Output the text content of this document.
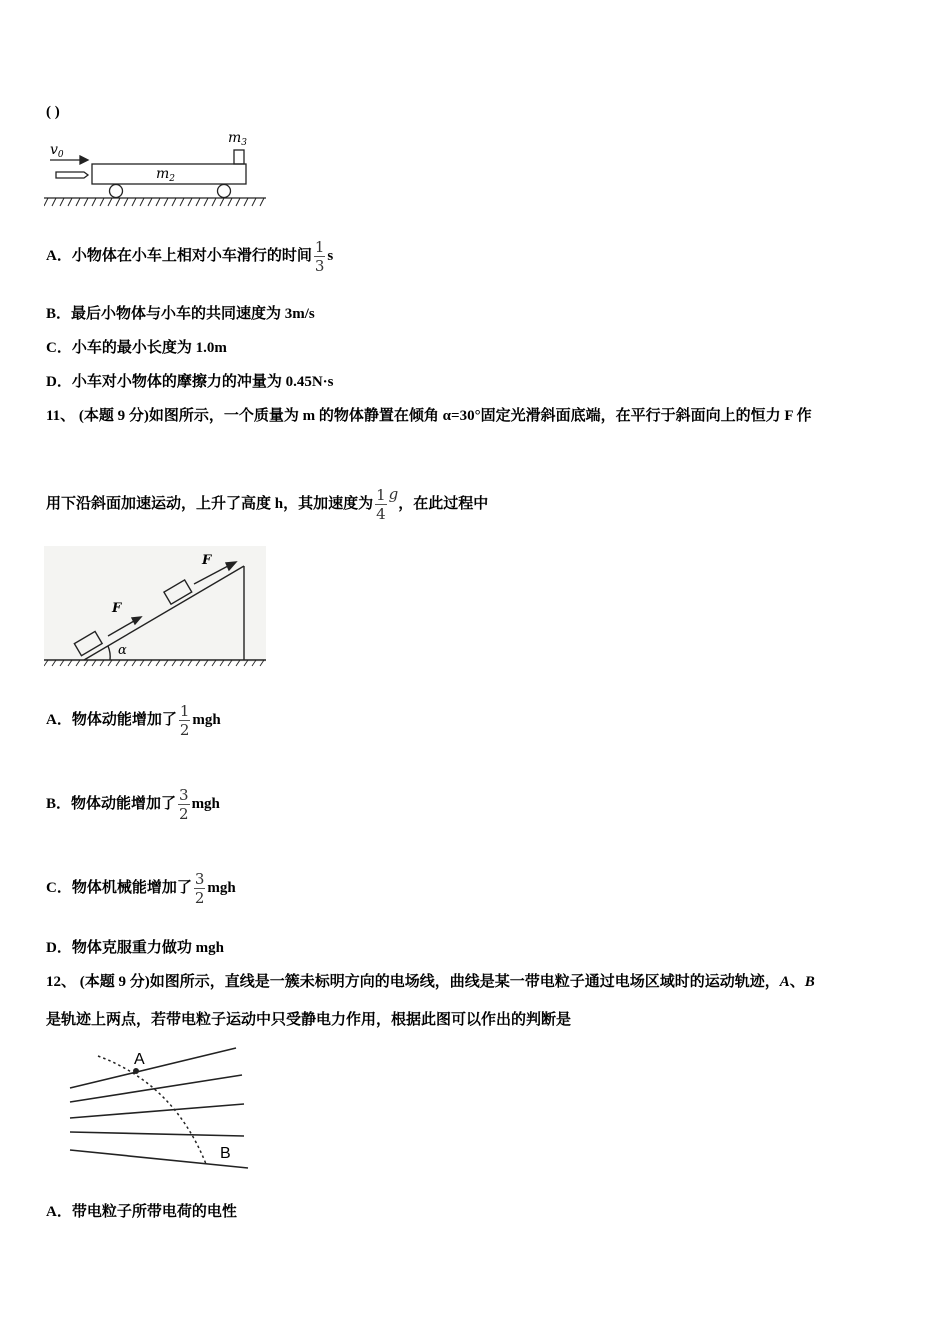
( )
$v_0$
$m_2$
$m_3$
A．小物体在小车上相对小车滑行的时间 $\frac{1}{3}$ s
B．最后小物体与小车的共同速度为 3m/s
C．小车的最小长度为 1.0m
D．小车对小物体的摩擦力的冲量为 0.45N·s
11、 (本题 9 分)如图所示，一个质量为 m 的物体静置在倾角 α=30°固定光滑斜面底端，在平行于斜面向上的恒力 F 作
用下沿斜面加速运动，上升了高度 h，其加速度为 $\frac{1}{4}$ g，在此过程中
F
F
α
A．物体动能增加了 $\frac{1}{2}$ mgh
B．物体动能增加了 $\frac{3}{2}$ mgh
C．物体机械能增加了 $\frac{3}{2}$ mgh
D．物体克服重力做功 mgh
12、 (本题 9 分)如图所示，直线是一簇未标明方向的电场线，曲线是某一带电粒子通过电场区域时的运动轨迹，A、B
是轨迹上两点，若带电粒子运动中只受静电力作用，根据此图可以作出的判断是
A
B
A．带电粒子所带电荷的电性
